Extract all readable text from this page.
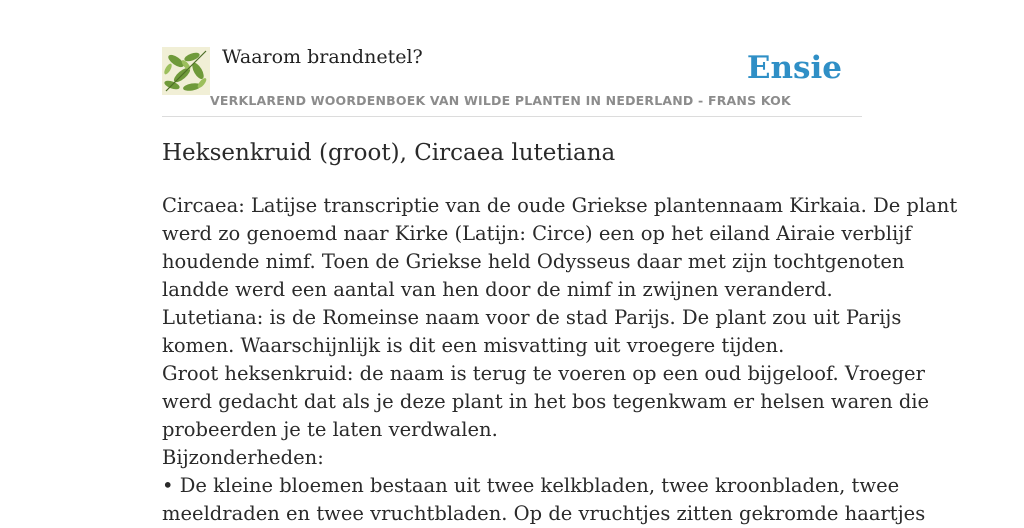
Waarom brandnetel?
VERKLAREND WOORDENBOEK VAN WILDE PLANTEN IN NEDERLAND - FRANS KOK
Ensie
Heksenkruid (groot), Circaea lutetiana

Circaea: Latijse transcriptie van de oude Griekse plantennaam Kirkaia. De plant

werd zo genoemd naar Kirke (Latijn: Circe) een op het eiland Airaie verblijf

houdende nimf. Toen de Griekse held Odysseus daar met zijn tochtgenoten

landde werd een aantal van hen door de nimf in zwijnen veranderd.

Lutetiana: is de Romeinse naam voor de stad Parijs. De plant zou uit Parijs

komen. Waarschijnlijk is dit een misvatting uit vroegere tijden.

Groot heksenkruid: de naam is terug te voeren op een oud bijgeloof. Vroeger

werd gedacht dat als je deze plant in het bos tegenkwam er helsen waren die

probeerden je te laten verdwalen.

Bijzonderheden:

• De kleine bloemen bestaan uit twee kelkbladen, twee kroonbladen, twee

meeldraden en twee vruchtbladen. Op de vruchtjes zitten gekromde haartjes
